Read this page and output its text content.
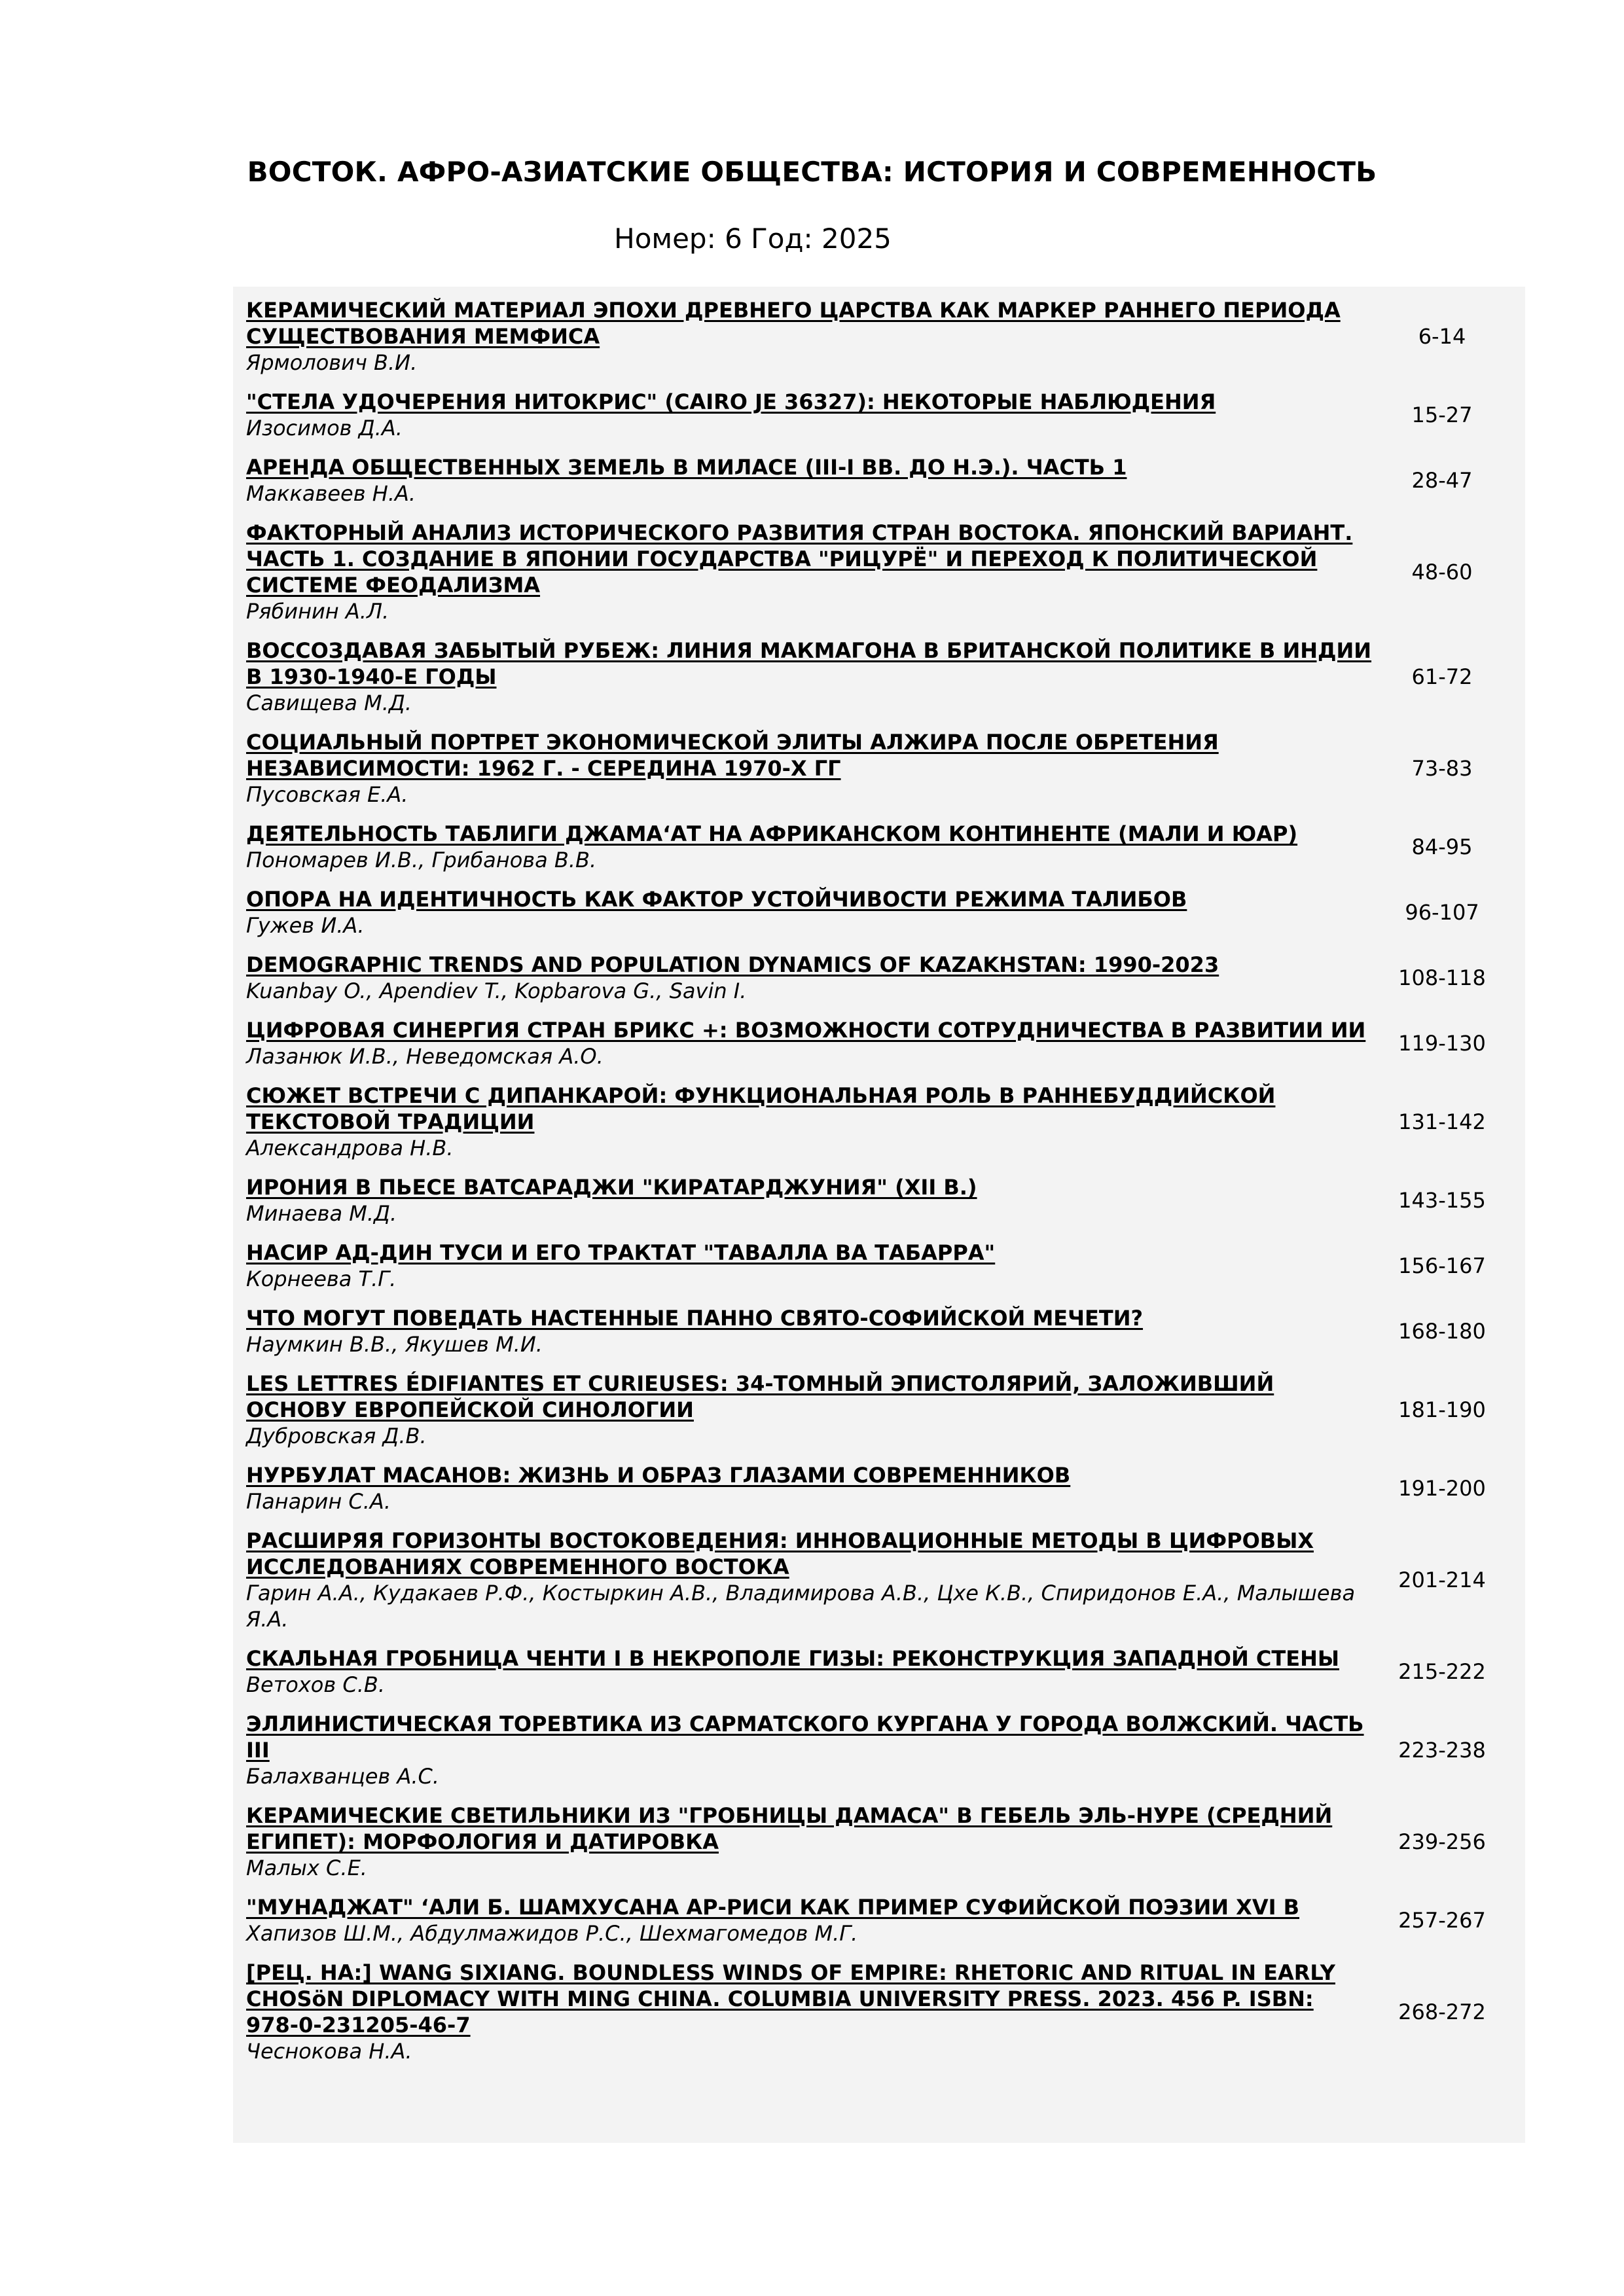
ВОСТОК. АФРО-АЗИАТСКИЕ ОБЩЕСТВА: ИСТОРИЯ И СОВРЕМЕННОСТЬ
Номер: 6 Год: 2025
КЕРАМИЧЕСКИЙ МАТЕРИАЛ ЭПОХИ ДРЕВНЕГО ЦАРСТВА КАК МАРКЕР РАННЕГО ПЕРИОДА СУЩЕСТВОВАНИЯ МЕМФИСА
Ярмолович В.И.
6-14
"СТЕЛА УДОЧЕРЕНИЯ НИТОКРИС" (CAIRO JE 36327): НЕКОТОРЫЕ НАБЛЮДЕНИЯ
Изосимов Д.А.
15-27
АРЕНДА ОБЩЕСТВЕННЫХ ЗЕМЕЛЬ В МИЛАСЕ (III-I ВВ. ДО Н.Э.). ЧАСТЬ 1
Маккавеев Н.А.
28-47
ФАКТОРНЫЙ АНАЛИЗ ИСТОРИЧЕСКОГО РАЗВИТИЯ СТРАН ВОСТОКА. ЯПОНСКИЙ ВАРИАНТ. ЧАСТЬ 1. СОЗДАНИЕ В ЯПОНИИ ГОСУДАРСТВА "РИЦУРЁ" И ПЕРЕХОД К ПОЛИТИЧЕСКОЙ СИСТЕМЕ ФЕОДАЛИЗМА
Рябинин А.Л.
48-60
ВОССОЗДАВАЯ ЗАБЫТЫЙ РУБЕЖ: ЛИНИЯ МАКМАГОНА В БРИТАНСКОЙ ПОЛИТИКЕ В ИНДИИ В 1930-1940-Е ГОДЫ
Савищева М.Д.
61-72
СОЦИАЛЬНЫЙ ПОРТРЕТ ЭКОНОМИЧЕСКОЙ ЭЛИТЫ АЛЖИРА ПОСЛЕ ОБРЕТЕНИЯ НЕЗАВИСИМОСТИ: 1962 Г. - СЕРЕДИНА 1970-Х ГГ
Пусовская Е.А.
73-83
ДЕЯТЕЛЬНОСТЬ ТАБЛИГИ ДЖАМА‘АТ НА АФРИКАНСКОМ КОНТИНЕНТЕ (МАЛИ И ЮАР)
Пономарев И.В., Грибанова В.В.
84-95
ОПОРА НА ИДЕНТИЧНОСТЬ КАК ФАКТОР УСТОЙЧИВОСТИ РЕЖИМА ТАЛИБОВ
Гужев И.А.
96-107
DEMOGRAPHIC TRENDS AND POPULATION DYNAMICS OF KAZAKHSTAN: 1990-2023
Kuanbay O., Apendiev T., Kopbarova G., Savin I.
108-118
ЦИФРОВАЯ СИНЕРГИЯ СТРАН БРИКС +: ВОЗМОЖНОСТИ СОТРУДНИЧЕСТВА В РАЗВИТИИ ИИ
Лазанюк И.В., Неведомская А.О.
119-130
СЮЖЕТ ВСТРЕЧИ С ДИПАНКАРОЙ: ФУНКЦИОНАЛЬНАЯ РОЛЬ В РАННЕБУДДИЙСКОЙ ТЕКСТОВОЙ ТРАДИЦИИ
Александрова Н.В.
131-142
ИРОНИЯ В ПЬЕСЕ ВАТСАРАДЖИ "КИРАТАРДЖУНИЯ" (XII В.)
Минаева М.Д.
143-155
НАСИР АД-ДИН ТУСИ И ЕГО ТРАКТАТ "ТАВАЛЛА ВА ТАБАРРА"
Корнеева Т.Г.
156-167
ЧТО МОГУТ ПОВЕДАТЬ НАСТЕННЫЕ ПАННО СВЯТО-СОФИЙСКОЙ МЕЧЕТИ?
Наумкин В.В., Якушев М.И.
168-180
LES LETTRES ÉDIFIANTES ET CURIEUSES: 34-ТОМНЫЙ ЭПИСТОЛЯРИЙ, ЗАЛОЖИВШИЙ ОСНОВУ ЕВРОПЕЙСКОЙ СИНОЛОГИИ
Дубровская Д.В.
181-190
НУРБУЛАТ МАСАНОВ: ЖИЗНЬ И ОБРАЗ ГЛАЗАМИ СОВРЕМЕННИКОВ
Панарин С.А.
191-200
РАСШИРЯЯ ГОРИЗОНТЫ ВОСТОКОВЕДЕНИЯ: ИННОВАЦИОННЫЕ МЕТОДЫ В ЦИФРОВЫХ ИССЛЕДОВАНИЯХ СОВРЕМЕННОГО ВОСТОКА
Гарин А.А., Кудакаев Р.Ф., Костыркин А.В., Владимирова А.В., Цхе К.В., Спиридонов Е.А., Малышева Я.А.
201-214
СКАЛЬНАЯ ГРОБНИЦА ЧЕНТИ I В НЕКРОПОЛЕ ГИЗЫ: РЕКОНСТРУКЦИЯ ЗАПАДНОЙ СТЕНЫ
Ветохов С.В.
215-222
ЭЛЛИНИСТИЧЕСКАЯ ТОРЕВТИКА ИЗ САРМАТСКОГО КУРГАНА У ГОРОДА ВОЛЖСКИЙ. ЧАСТЬ III
Балахванцев А.С.
223-238
КЕРАМИЧЕСКИЕ СВЕТИЛЬНИКИ ИЗ "ГРОБНИЦЫ ДАМАСА" В ГЕБЕЛЬ ЭЛЬ-НУРЕ (СРЕДНИЙ ЕГИПЕТ): МОРФОЛОГИЯ И ДАТИРОВКА
Малых С.Е.
239-256
"МУНАДЖАТ" ‘АЛИ Б. ШАМХУСАНА АР-РИСИ КАК ПРИМЕР СУФИЙСКОЙ ПОЭЗИИ XVI В
Хапизов Ш.М., Абдулмажидов Р.С., Шехмагомедов М.Г.
257-267
[РЕЦ. НА:] WANG SIXIANG. BOUNDLESS WINDS OF EMPIRE: RHETORIC AND RITUAL IN EARLY CHOSöN DIPLOMACY WITH MING CHINA. COLUMBIA UNIVERSITY PRESS. 2023. 456 P. ISBN: 978-0-231205-46-7
Чеснокова Н.А.
268-272
